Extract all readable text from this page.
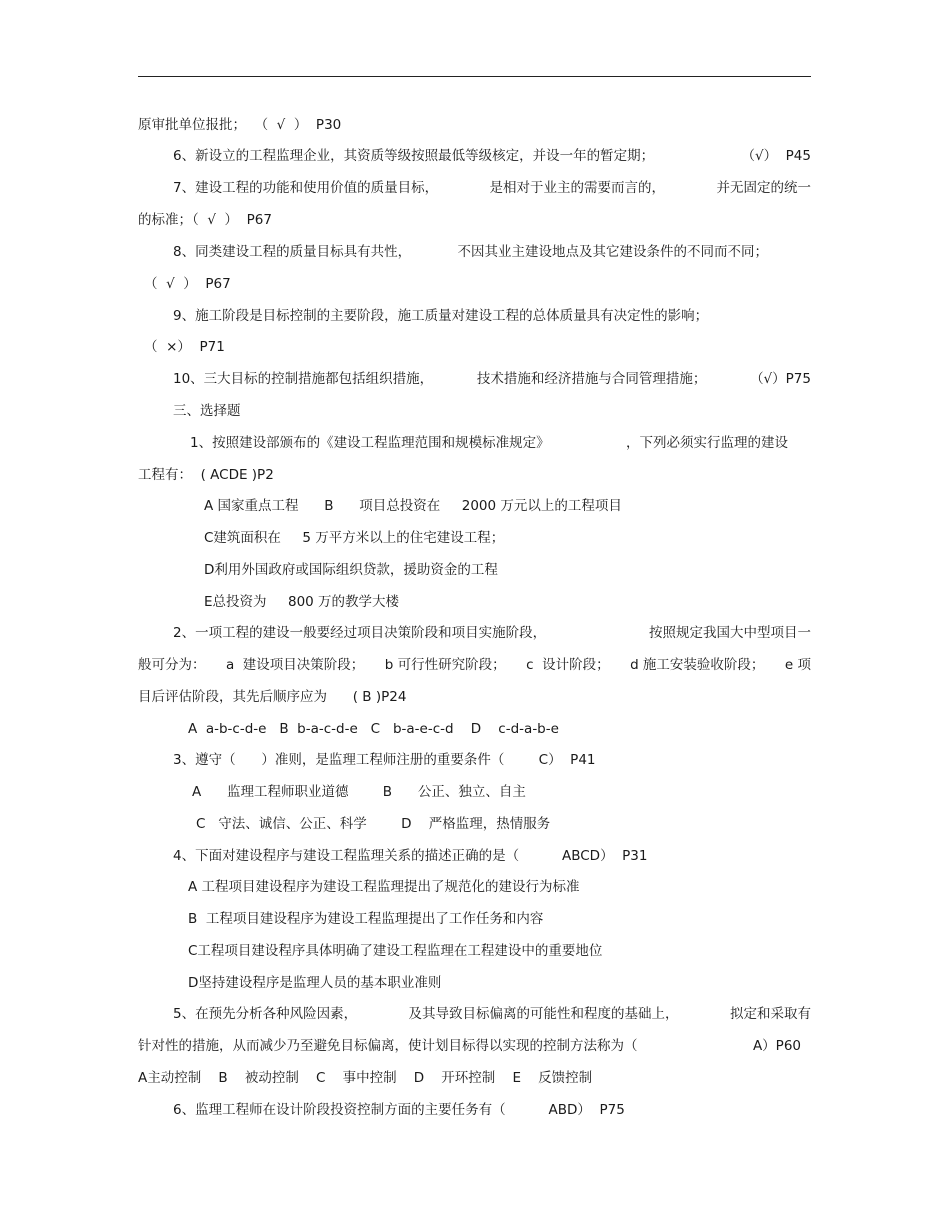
原审批单位报批；  （  √  ）  P30
6、新设立的工程监理企业，其资质等级按照最低等级核定，并设一年的暂定期；	（√）  P45
7、建设工程的功能和使用价值的质量目标，	是相对于业主的需要而言的，	并无固定的统一
的标准；（  √  ）  P67
8、同类建设工程的质量目标具有共性，	不因其业主建设地点及其它建设条件的不同而不同；
（  √  ）  P67
9、施工阶段是目标控制的主要阶段，施工质量对建设工程的总体质量具有决定性的影响；
（  ×）  P71
10、三大目标的控制措施都包括组织措施，	技术措施和经济措施与合同管理措施；	（√）P75
三、选择题
1、按照建设部颁布的《建设工程监理范围和规模标准规定》	，下列必须实行监理的建设
工程有：  ( ACDE )P2
A 国家重点工程      B      项目总投资在     2000 万元以上的工程项目
C建筑面积在     5 万平方米以上的住宅建设工程；
D利用外国政府或国际组织贷款，援助资金的工程
E总投资为     800 万的教学大楼
2、一项工程的建设一般要经过项目决策阶段和项目实施阶段，	按照规定我国大中型项目一
般可分为： a  建设项目决策阶段； b 可行性研究阶段； c  设计阶段； d 施工安装验收阶段； e 项
目后评估阶段，其先后顺序应为      ( B )P24
A  a-b-c-d-e   B  b-a-c-d-e   C   b-a-e-c-d    D    c-d-a-b-e
3、遵守（      ）准则，是监理工程师注册的重要条件（        C）  P41
A      监理工程师职业道德        B      公正、独立、自主
C   守法、诚信、公正、科学        D    严格监理，热情服务
4、下面对建设程序与建设工程监理关系的描述正确的是（          ABCD）  P31
A 工程项目建设程序为建设工程监理提出了规范化的建设行为标准
B  工程项目建设程序为建设工程监理提出了工作任务和内容
C工程项目建设程序具体明确了建设工程监理在工程建设中的重要地位
D坚持建设程序是监理人员的基本职业准则
5、在预先分析各种风险因素，	及其导致目标偏离的可能性和程度的基础上，	拟定和采取有
针对性的措施，从而减少乃至避免目标偏离，使计划目标得以实现的控制方法称为（	A）P60
A主动控制    B    被动控制    C    事中控制    D    开环控制    E    反馈控制
6、监理工程师在设计阶段投资控制方面的主要任务有（          ABD）  P75
